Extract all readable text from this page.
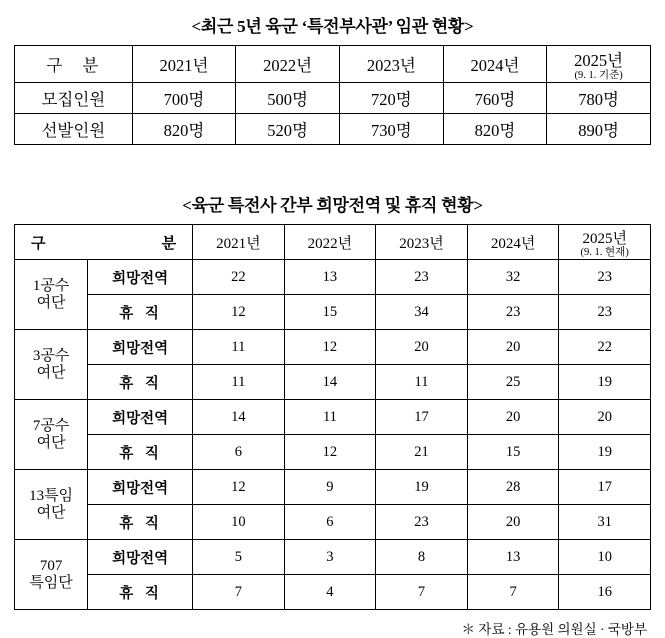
<최근 5년 육군 ‘특전부사관’ 임관 현황>
구 분	2021년	2022년	2023년	2024년	2025년
(9. 1. 기준)

모집인원	700명	500명	720명	760명	780명
선발인원	820명	520명	730명	820명	890명
<육군 특전사 간부 희망전역 및 휴직 현황>
구 분		2021년	2022년	2023년	2024년	2025년
(9. 1. 현재)

1공수
여단	희망전역	22	13	23	32	23
	휴 직	12	15	34	23	23
3공수
여단	희망전역	11	12	20	20	22
	휴 직	11	14	11	25	19
7공수
여단	희망전역	14	11	17	20	20
	휴 직	6	12	21	15	19
13특임
여단	희망전역	12	9	19	28	17
	휴 직	10	6	23	20	31
707
특임단	희망전역	5	3	8	13	10
	휴 직	7	4	7	7	16
＊ 자료 : 유용원 의원실 · 국방부
